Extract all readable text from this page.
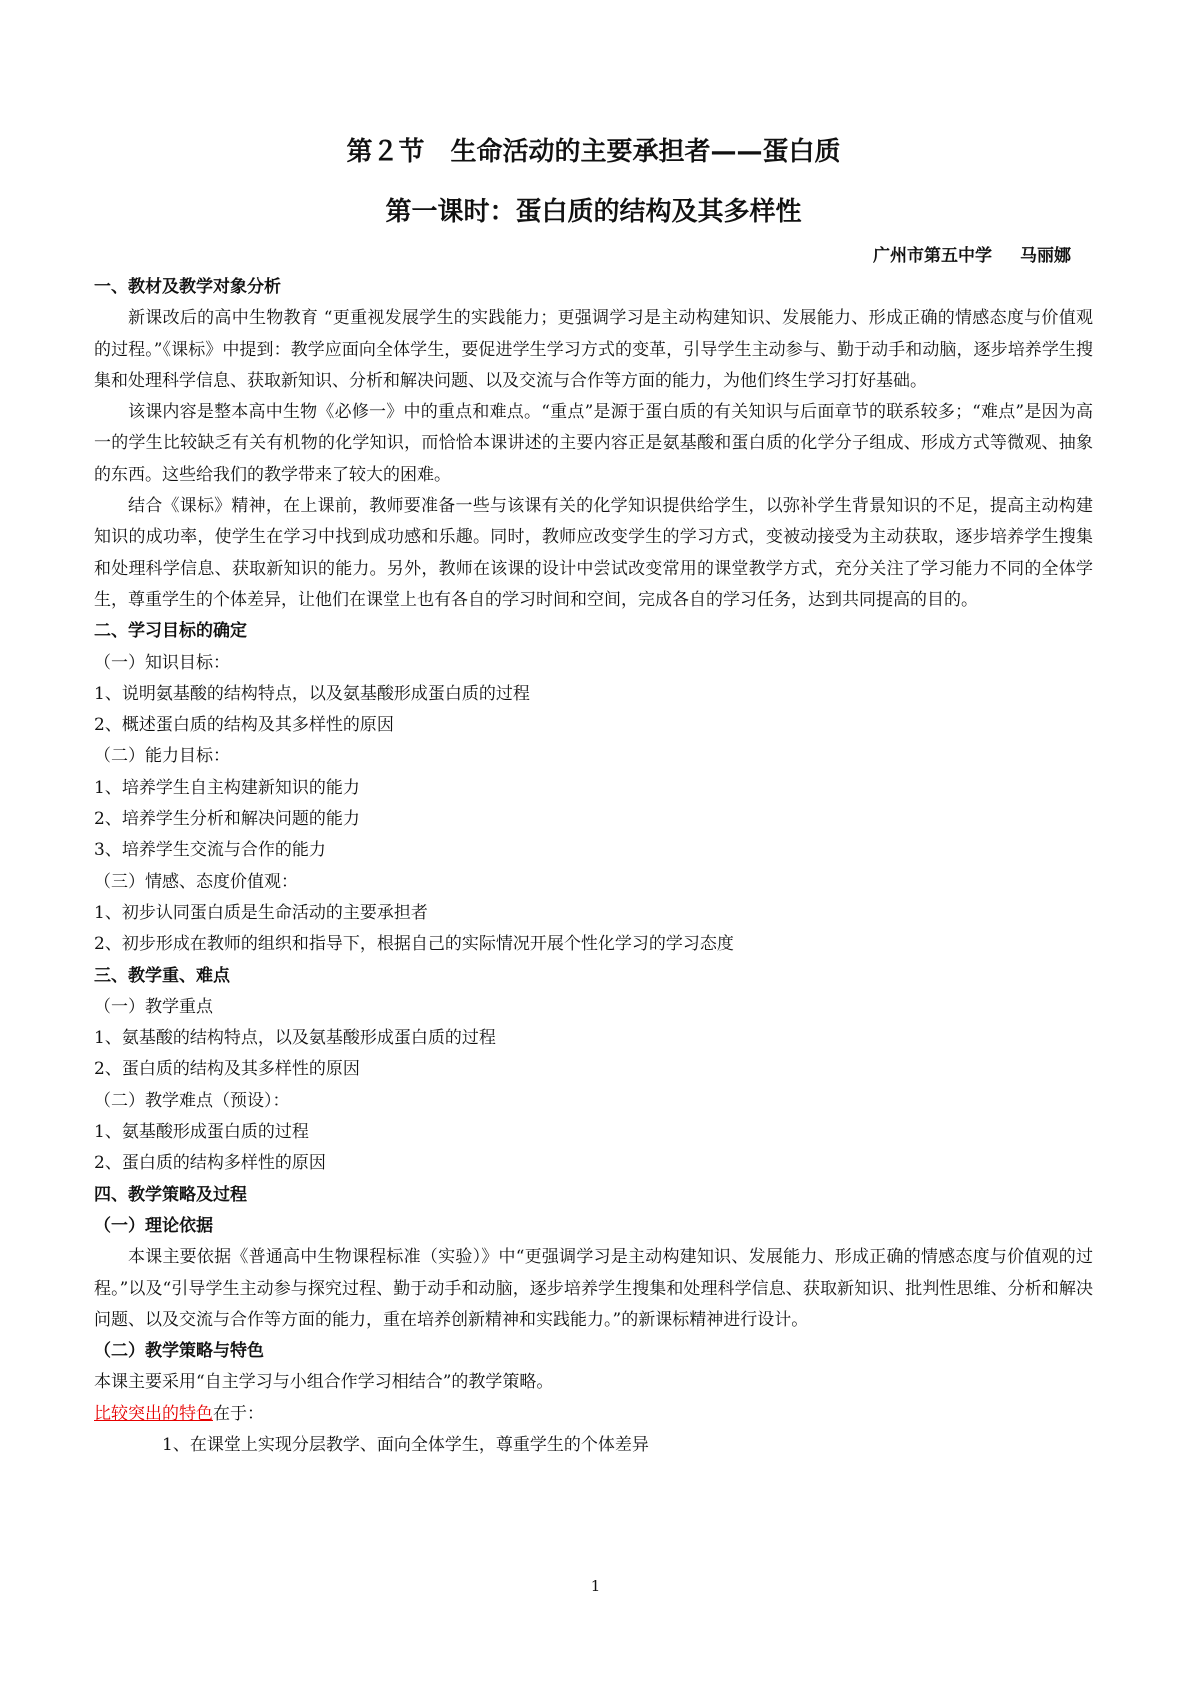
第２节　生命活动的主要承担者——蛋白质
第一课时：蛋白质的结构及其多样性
广州市第五中学 马丽娜

一、教材及教学对象分析

新课改后的高中生物教育 “更重视发展学生的实践能力；更强调学习是主动构建知识、发展能力、形成正确的情感态度与价值观的过程。”《课标》中提到：教学应面向全体学生，要促进学生学习方式的变革，引导学生主动参与、勤于动手和动脑，逐步培养学生搜集和处理科学信息、获取新知识、分析和解决问题、以及交流与合作等方面的能力，为他们终生学习打好基础。

该课内容是整本高中生物《必修一》中的重点和难点。“重点”是源于蛋白质的有关知识与后面章节的联系较多；“难点”是因为高一的学生比较缺乏有关有机物的化学知识，而恰恰本课讲述的主要内容正是氨基酸和蛋白质的化学分子组成、形成方式等微观、抽象的东西。这些给我们的教学带来了较大的困难。

结合《课标》精神，在上课前，教师要准备一些与该课有关的化学知识提供给学生，以弥补学生背景知识的不足，提高主动构建知识的成功率，使学生在学习中找到成功感和乐趣。同时，教师应改变学生的学习方式，变被动接受为主动获取，逐步培养学生搜集和处理科学信息、获取新知识的能力。另外，教师在该课的设计中尝试改变常用的课堂教学方式，充分关注了学习能力不同的全体学生，尊重学生的个体差异，让他们在课堂上也有各自的学习时间和空间，完成各自的学习任务，达到共同提高的目的。

二、学习目标的确定

（一）知识目标：

1、说明氨基酸的结构特点，以及氨基酸形成蛋白质的过程

2、概述蛋白质的结构及其多样性的原因

（二）能力目标：

1、培养学生自主构建新知识的能力

2、培养学生分析和解决问题的能力

3、培养学生交流与合作的能力

（三）情感、态度价值观：

1、初步认同蛋白质是生命活动的主要承担者

2、初步形成在教师的组织和指导下，根据自己的实际情况开展个性化学习的学习态度

三、教学重、难点

（一）教学重点

1、氨基酸的结构特点，以及氨基酸形成蛋白质的过程

2、蛋白质的结构及其多样性的原因

（二）教学难点（预设）：

1、氨基酸形成蛋白质的过程

2、蛋白质的结构多样性的原因

四、教学策略及过程

（一）理论依据

本课主要依据《普通高中生物课程标准（实验）》中“更强调学习是主动构建知识、发展能力、形成正确的情感态度与价值观的过程。”以及“引导学生主动参与探究过程、勤于动手和动脑，逐步培养学生搜集和处理科学信息、获取新知识、批判性思维、分析和解决问题、以及交流与合作等方面的能力，重在培养创新精神和实践能力。”的新课标精神进行设计。

（二）教学策略与特色

本课主要采用“自主学习与小组合作学习相结合”的教学策略。

比较突出的特色在于：

1、在课堂上实现分层教学、面向全体学生，尊重学生的个体差异

1
